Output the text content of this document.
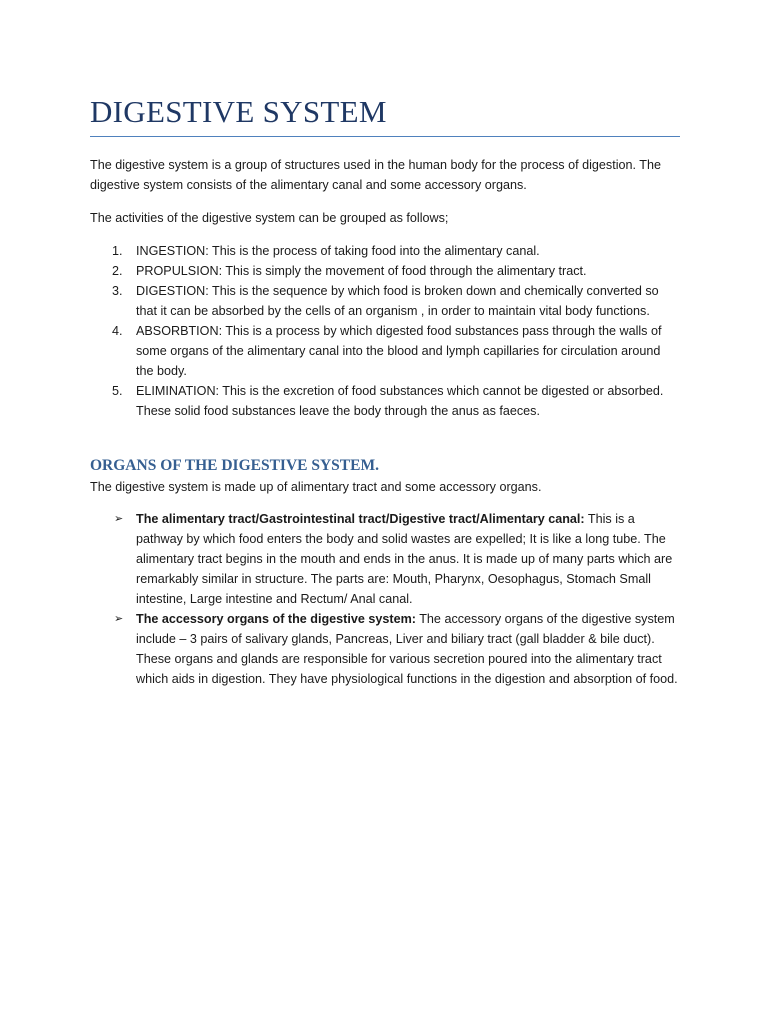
DIGESTIVE SYSTEM

The digestive system is a group of structures used in the human body for the process of digestion. The digestive system consists of the alimentary canal and some accessory organs.

The activities of the digestive system can be grouped as follows;

1. INGESTION: This is the process of taking food into the alimentary canal.
2. PROPULSION: This is simply the movement of food through the alimentary tract.
3. DIGESTION: This is the sequence by which food is broken down and chemically converted so that it can be absorbed by the cells of an organism , in order to maintain vital body functions.
4. ABSORBTION: This is a process by which digested food substances pass through the walls of some organs of the alimentary canal into the blood and lymph capillaries for circulation around the body.
5. ELIMINATION: This is the excretion of food substances which cannot be digested or absorbed. These solid food substances leave the body through the anus as faeces.
ORGANS OF THE DIGESTIVE SYSTEM.

The digestive system is made up of alimentary tract and some accessory organs.

➢ The alimentary tract/Gastrointestinal tract/Digestive tract/Alimentary canal: This is a pathway by which food enters the body and solid wastes are expelled; It is like a long tube. The alimentary tract begins in the mouth and ends in the anus. It is made up of many parts which are remarkably similar in structure. The parts are: Mouth, Pharynx, Oesophagus, Stomach Small intestine, Large intestine and Rectum/ Anal canal.
➢ The accessory organs of the digestive system: The accessory organs of the digestive system include – 3 pairs of salivary glands, Pancreas, Liver and biliary tract (gall bladder & bile duct). These organs and glands are responsible for various secretion poured into the alimentary tract which aids in digestion. They have physiological functions in the digestion and absorption of food.
